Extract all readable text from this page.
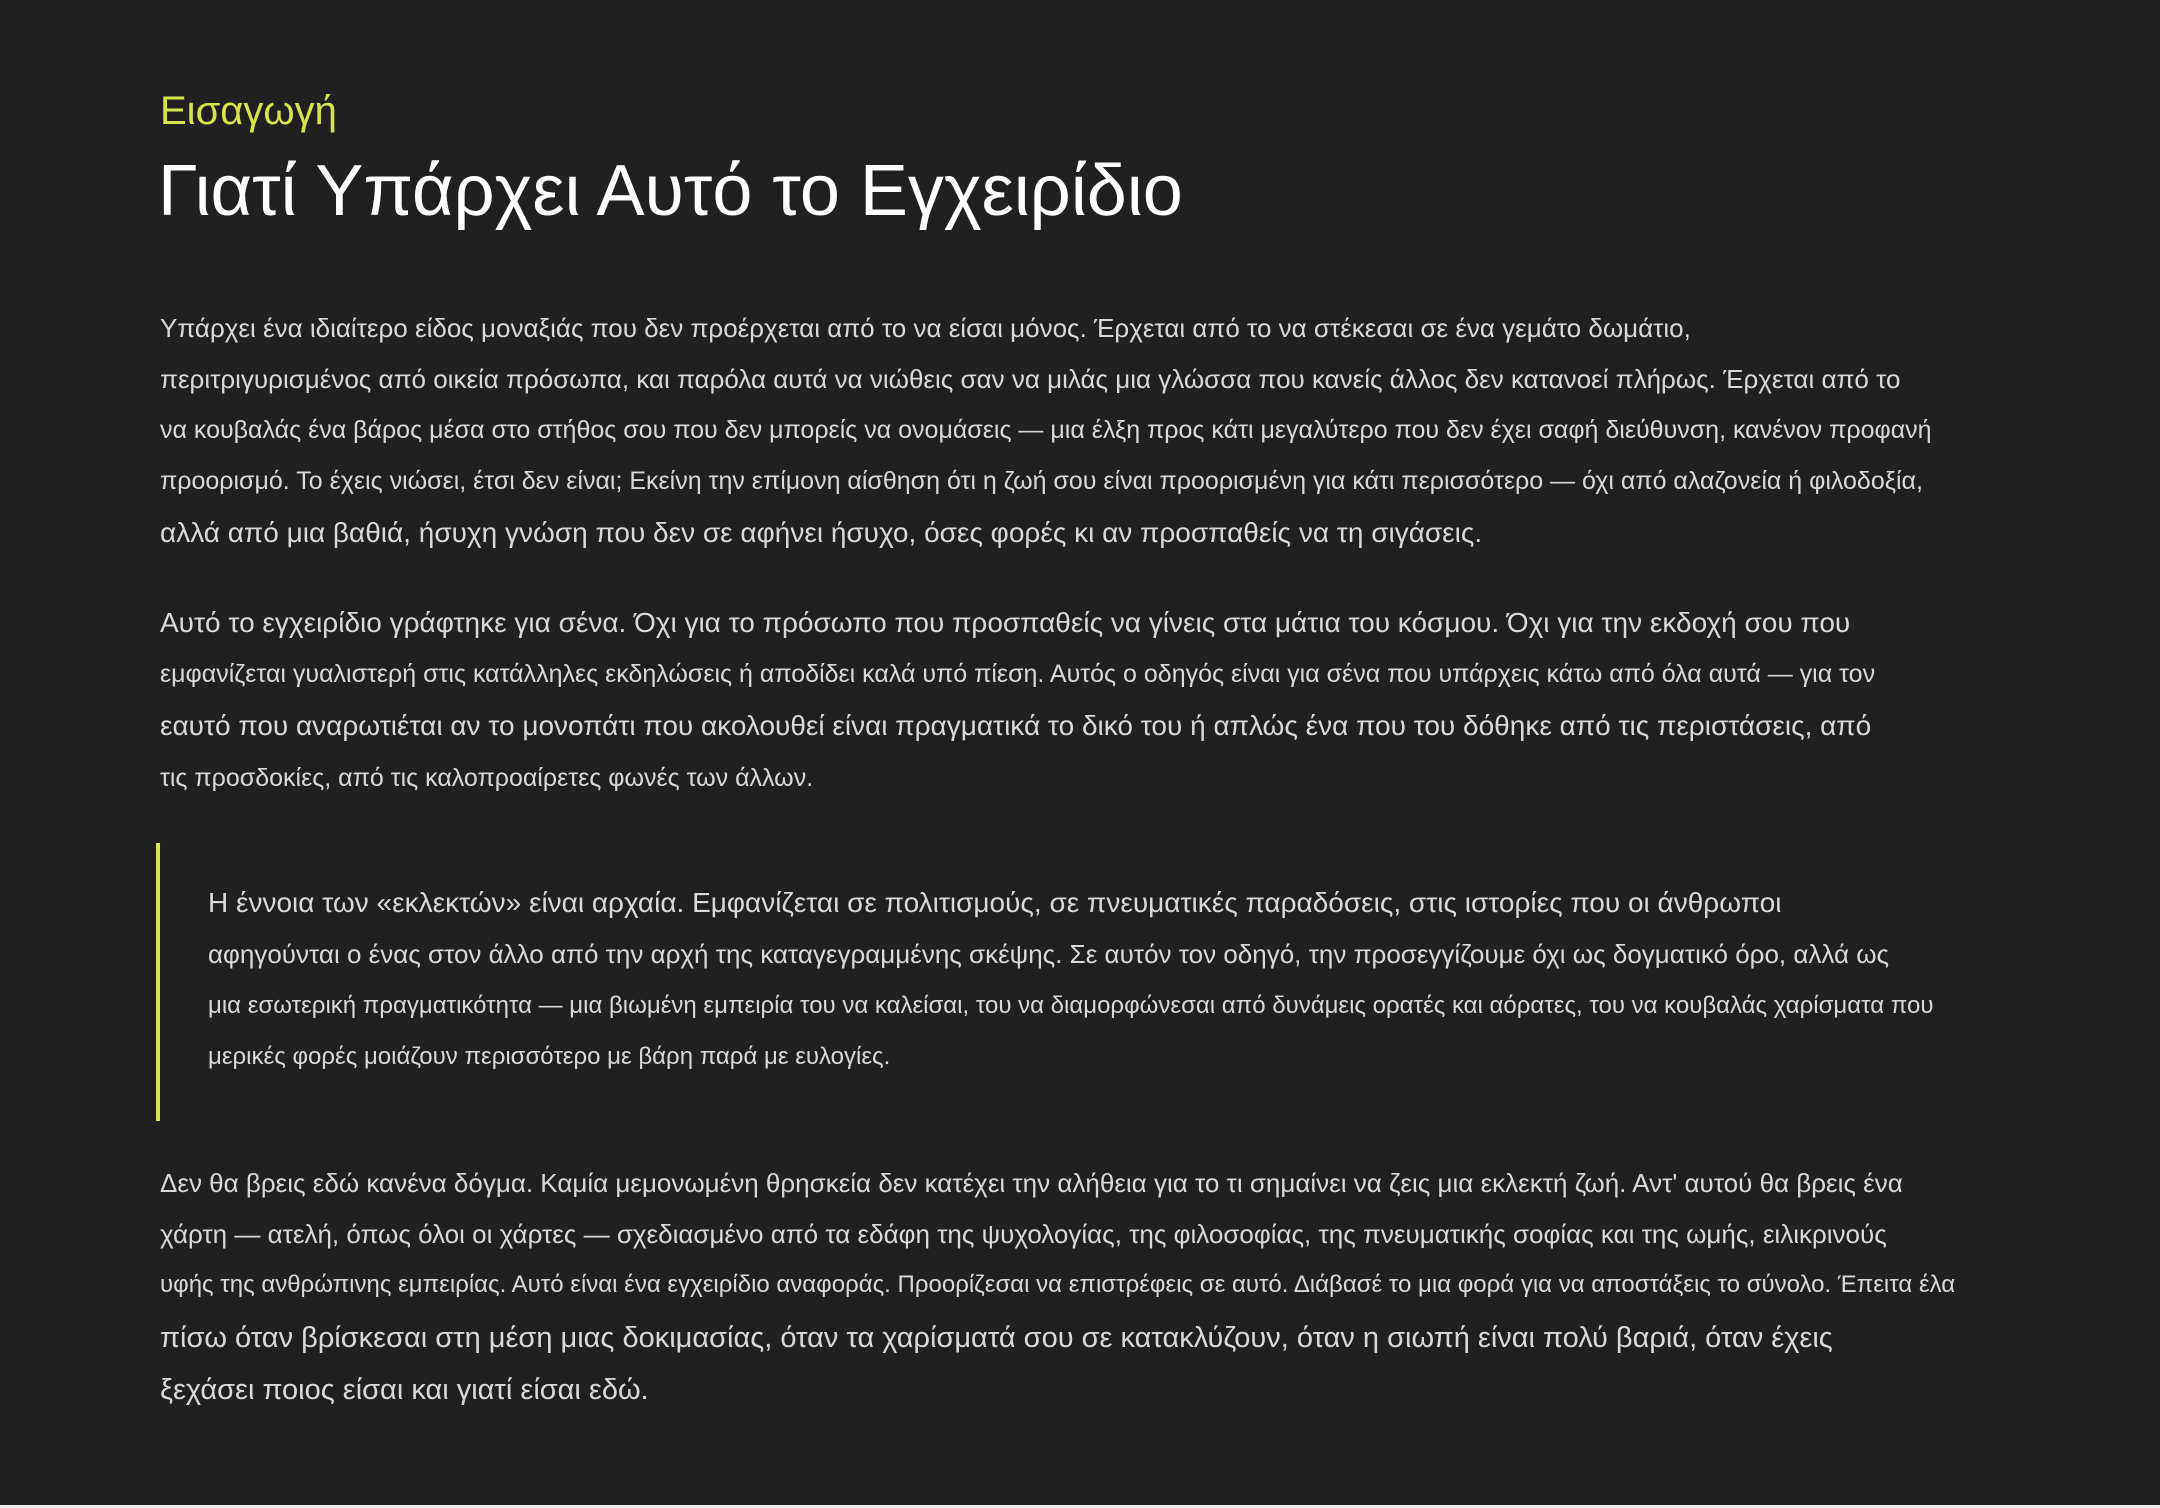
Εισαγωγή

Γιατί Υπάρχει Αυτό το Εγχειρίδιο
Υπάρχει ένα ιδιαίτερο είδος μοναξιάς που δεν προέρχεται από το να είσαι μόνος. Έρχεται από το να στέκεσαι σε ένα γεμάτο δωμάτιο,
περιτριγυρισμένος από οικεία πρόσωπα, και παρόλα αυτά να νιώθεις σαν να μιλάς μια γλώσσα που κανείς άλλος δεν κατανοεί πλήρως. Έρχεται από το
να κουβαλάς ένα βάρος μέσα στο στήθος σου που δεν μπορείς να ονομάσεις — μια έλξη προς κάτι μεγαλύτερο που δεν έχει σαφή διεύθυνση, κανένον προφανή
προορισμό. Το έχεις νιώσει, έτσι δεν είναι; Εκείνη την επίμονη αίσθηση ότι η ζωή σου είναι προορισμένη για κάτι περισσότερο — όχι από αλαζονεία ή φιλοδοξία,
αλλά από μια βαθιά, ήσυχη γνώση που δεν σε αφήνει ήσυχο, όσες φορές κι αν προσπαθείς να τη σιγάσεις.
Αυτό το εγχειρίδιο γράφτηκε για σένα. Όχι για το πρόσωπο που προσπαθείς να γίνεις στα μάτια του κόσμου. Όχι για την εκδοχή σου που
εμφανίζεται γυαλιστερή στις κατάλληλες εκδηλώσεις ή αποδίδει καλά υπό πίεση. Αυτός ο οδηγός είναι για σένα που υπάρχεις κάτω από όλα αυτά — για τον
εαυτό που αναρωτιέται αν το μονοπάτι που ακολουθεί είναι πραγματικά το δικό του ή απλώς ένα που του δόθηκε από τις περιστάσεις, από
τις προσδοκίες, από τις καλοπροαίρετες φωνές των άλλων.
Η έννοια των «εκλεκτών» είναι αρχαία. Εμφανίζεται σε πολιτισμούς, σε πνευματικές παραδόσεις, στις ιστορίες που οι άνθρωποι
αφηγούνται ο ένας στον άλλο από την αρχή της καταγεγραμμένης σκέψης. Σε αυτόν τον οδηγό, την προσεγγίζουμε όχι ως δογματικό όρο, αλλά ως
μια εσωτερική πραγματικότητα — μια βιωμένη εμπειρία του να καλείσαι, του να διαμορφώνεσαι από δυνάμεις ορατές και αόρατες, του να κουβαλάς χαρίσματα που
μερικές φορές μοιάζουν περισσότερο με βάρη παρά με ευλογίες.
Δεν θα βρεις εδώ κανένα δόγμα. Καμία μεμονωμένη θρησκεία δεν κατέχει την αλήθεια για το τι σημαίνει να ζεις μια εκλεκτή ζωή. Αντ' αυτού θα βρεις ένα
χάρτη — ατελή, όπως όλοι οι χάρτες — σχεδιασμένο από τα εδάφη της ψυχολογίας, της φιλοσοφίας, της πνευματικής σοφίας και της ωμής, ειλικρινούς
υφής της ανθρώπινης εμπειρίας. Αυτό είναι ένα εγχειρίδιο αναφοράς. Προορίζεσαι να επιστρέφεις σε αυτό. Διάβασέ το μια φορά για να αποστάξεις το σύνολο. Έπειτα έλα
πίσω όταν βρίσκεσαι στη μέση μιας δοκιμασίας, όταν τα χαρίσματά σου σε κατακλύζουν, όταν η σιωπή είναι πολύ βαριά, όταν έχεις
ξεχάσει ποιος είσαι και γιατί είσαι εδώ.
